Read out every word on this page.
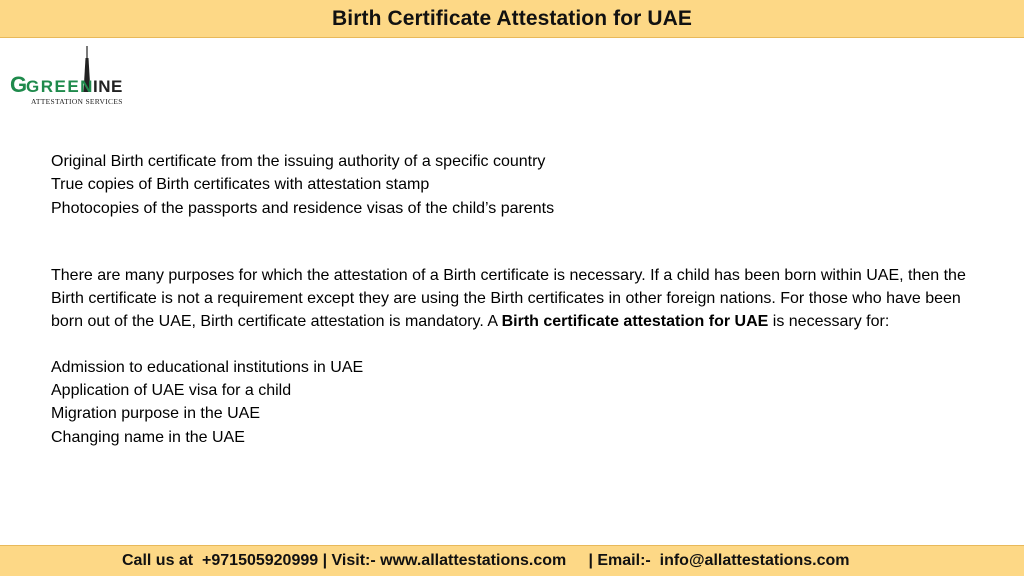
Birth Certificate Attestation for UAE
G
GREEN INE
ATTESTATION SERVICES
Original Birth certificate from the issuing authority of a specific country
True copies of Birth certificates with attestation stamp
Photocopies of the passports and residence visas of the child’s parents

There are many purposes for which the attestation of a Birth certificate is necessary. If a child has been born within UAE, then the Birth certificate is not a requirement except they are using the Birth certificates in other foreign nations. For those who have been born out of the UAE, Birth certificate attestation is mandatory. A Birth certificate attestation for UAE is necessary for:

Admission to educational institutions in UAE
Application of UAE visa for a child
Migration purpose in the UAE
Changing name in the UAE
Call us at  +971505920999 | Visit:- www.allattestations.com     | Email:-  info@allattestations.com
